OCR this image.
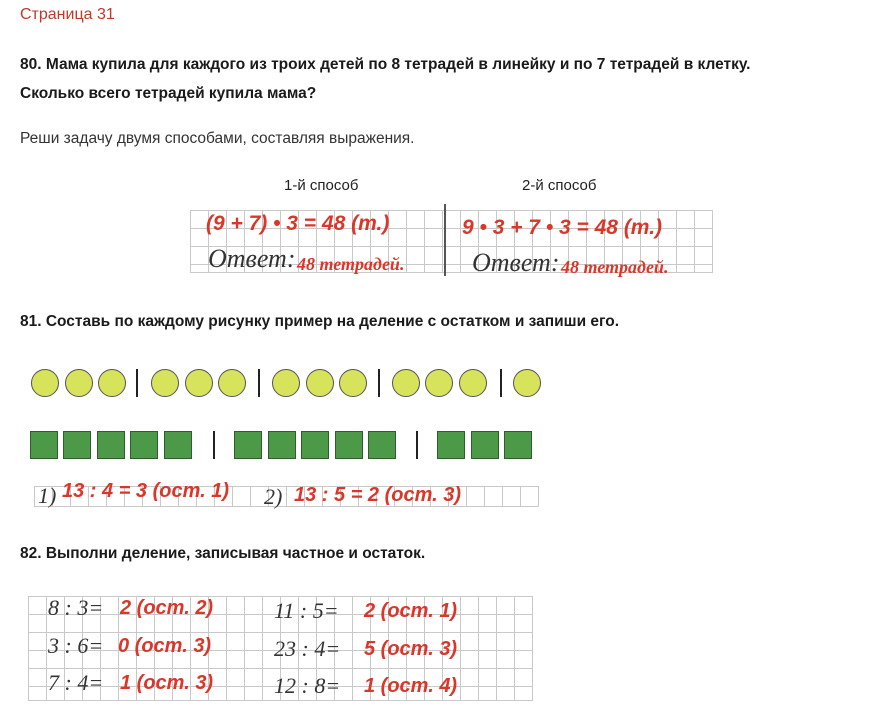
Страница 31
80. Мама купила для каждого из троих детей по 8 тетрадей в линейку и по 7 тетрадей в клетку.
Сколько всего тетрадей купила мама?
Реши задачу двумя способами, составляя выражения.
1-й способ	2-й способ
(9 + 7) • 3 = 48 (т.)	9 • 3 + 7 • 3 = 48 (т.)
Ответ: 48 тетрадей.	Ответ: 48 тетрадей.
81. Составь по каждому рисунку пример на деление с остатком и запиши его.
1) 13 : 4 = 3 (ост. 1) 2) 13 : 5 = 2 (ост. 3)
82. Выполни деление, записывая частное и остаток.
8 : 3= 2 (ост. 2)
3 : 6= 0 (ост. 3)
7 : 4= 1 (ост. 3)
11 : 5= 2 (ост. 1)
23 : 4= 5 (ост. 3)
12 : 8= 1 (ост. 4)
